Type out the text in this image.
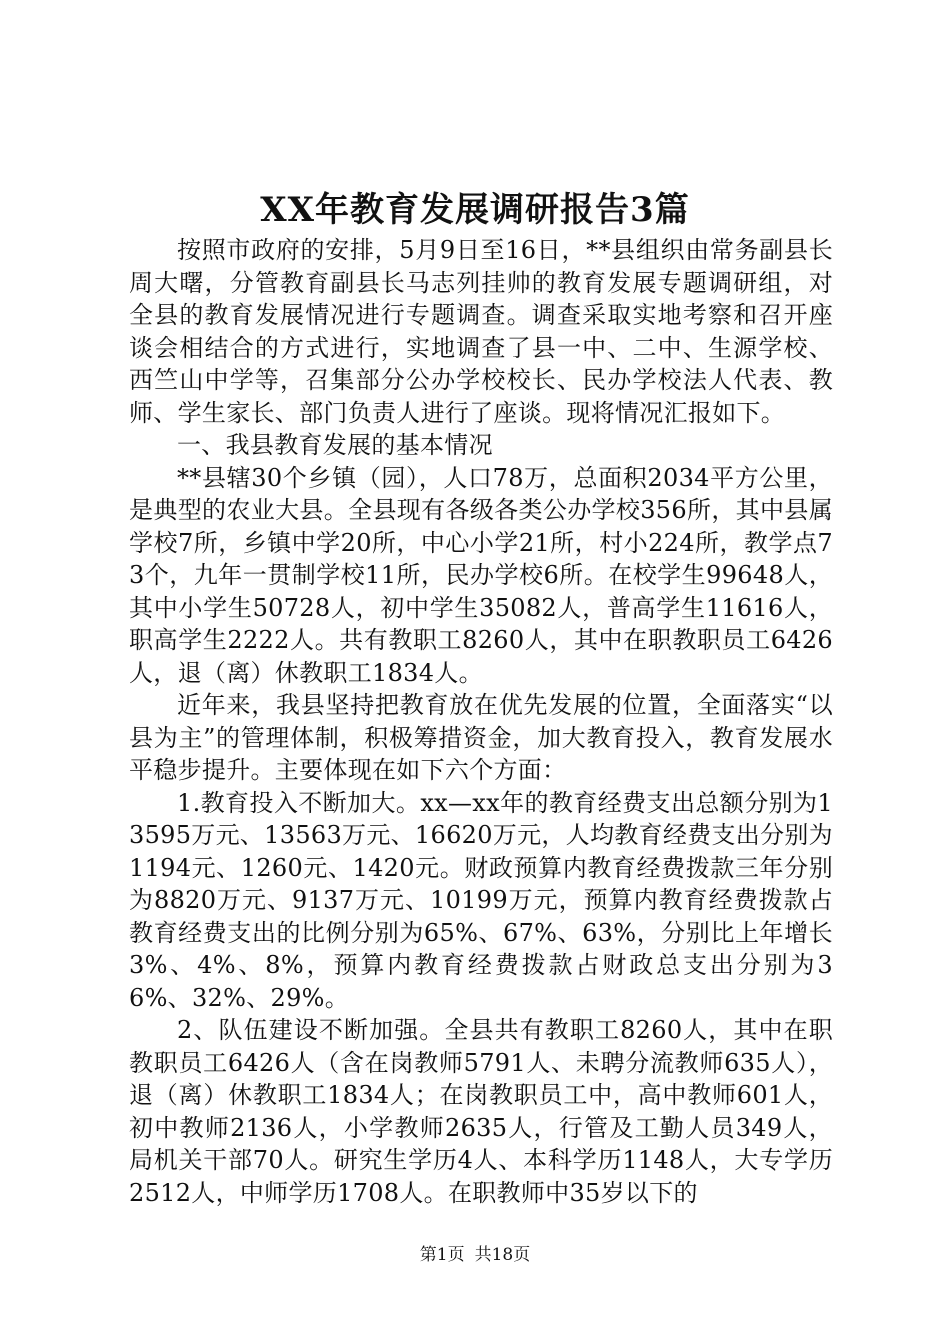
XX年教育发展调研报告3篇

按照市政府的安排，5月9日至16日，**县组织由常务副县长周大曙，分管教育副县长马志列挂帅的教育发展专题调研组，对全县的教育发展情况进行专题调查。调查采取实地考察和召开座谈会相结合的方式进行，实地调查了县一中、二中、生源学校、西竺山中学等，召集部分公办学校校长、民办学校法人代表、教师、学生家长、部门负责人进行了座谈。现将情况汇报如下。

一、我县教育发展的基本情况

**县辖30个乡镇（园），人口78万，总面积2034平方公里，是典型的农业大县。全县现有各级各类公办学校356所，其中县属学校7所，乡镇中学20所，中心小学21所，村小224所，教学点73个，九年一贯制学校11所，民办学校6所。在校学生99648人，其中小学生50728人，初中学生35082人，普高学生11616人，职高学生2222人。共有教职工8260人，其中在职教职员工6426人，退（离）休教职工1834人。

近年来，我县坚持把教育放在优先发展的位置，全面落实“以县为主”的管理体制，积极筹措资金，加大教育投入，教育发展水平稳步提升。主要体现在如下六个方面：

1.教育投入不断加大。xx—xx年的教育经费支出总额分别为13595万元、13563万元、16620万元，人均教育经费支出分别为1194元、1260元、1420元。财政预算内教育经费拨款三年分别为8820万元、9137万元、10199万元，预算内教育经费拨款占教育经费支出的比例分别为65%、67%、63%，分别比上年增长3%、4%、8%，预算内教育经费拨款占财政总支出分别为36%、32%、29%。

2、队伍建设不断加强。全县共有教职工8260人，其中在职教职员工6426人（含在岗教师5791人、未聘分流教师635人），退（离）休教职工1834人；在岗教职员工中，高中教师601人，初中教师2136人，小学教师2635人，行管及工勤人员349人，局机关干部70人。研究生学历4人、本科学历1148人，大专学历2512人，中师学历1708人。在职教师中35岁以下的

第1页 共18页
